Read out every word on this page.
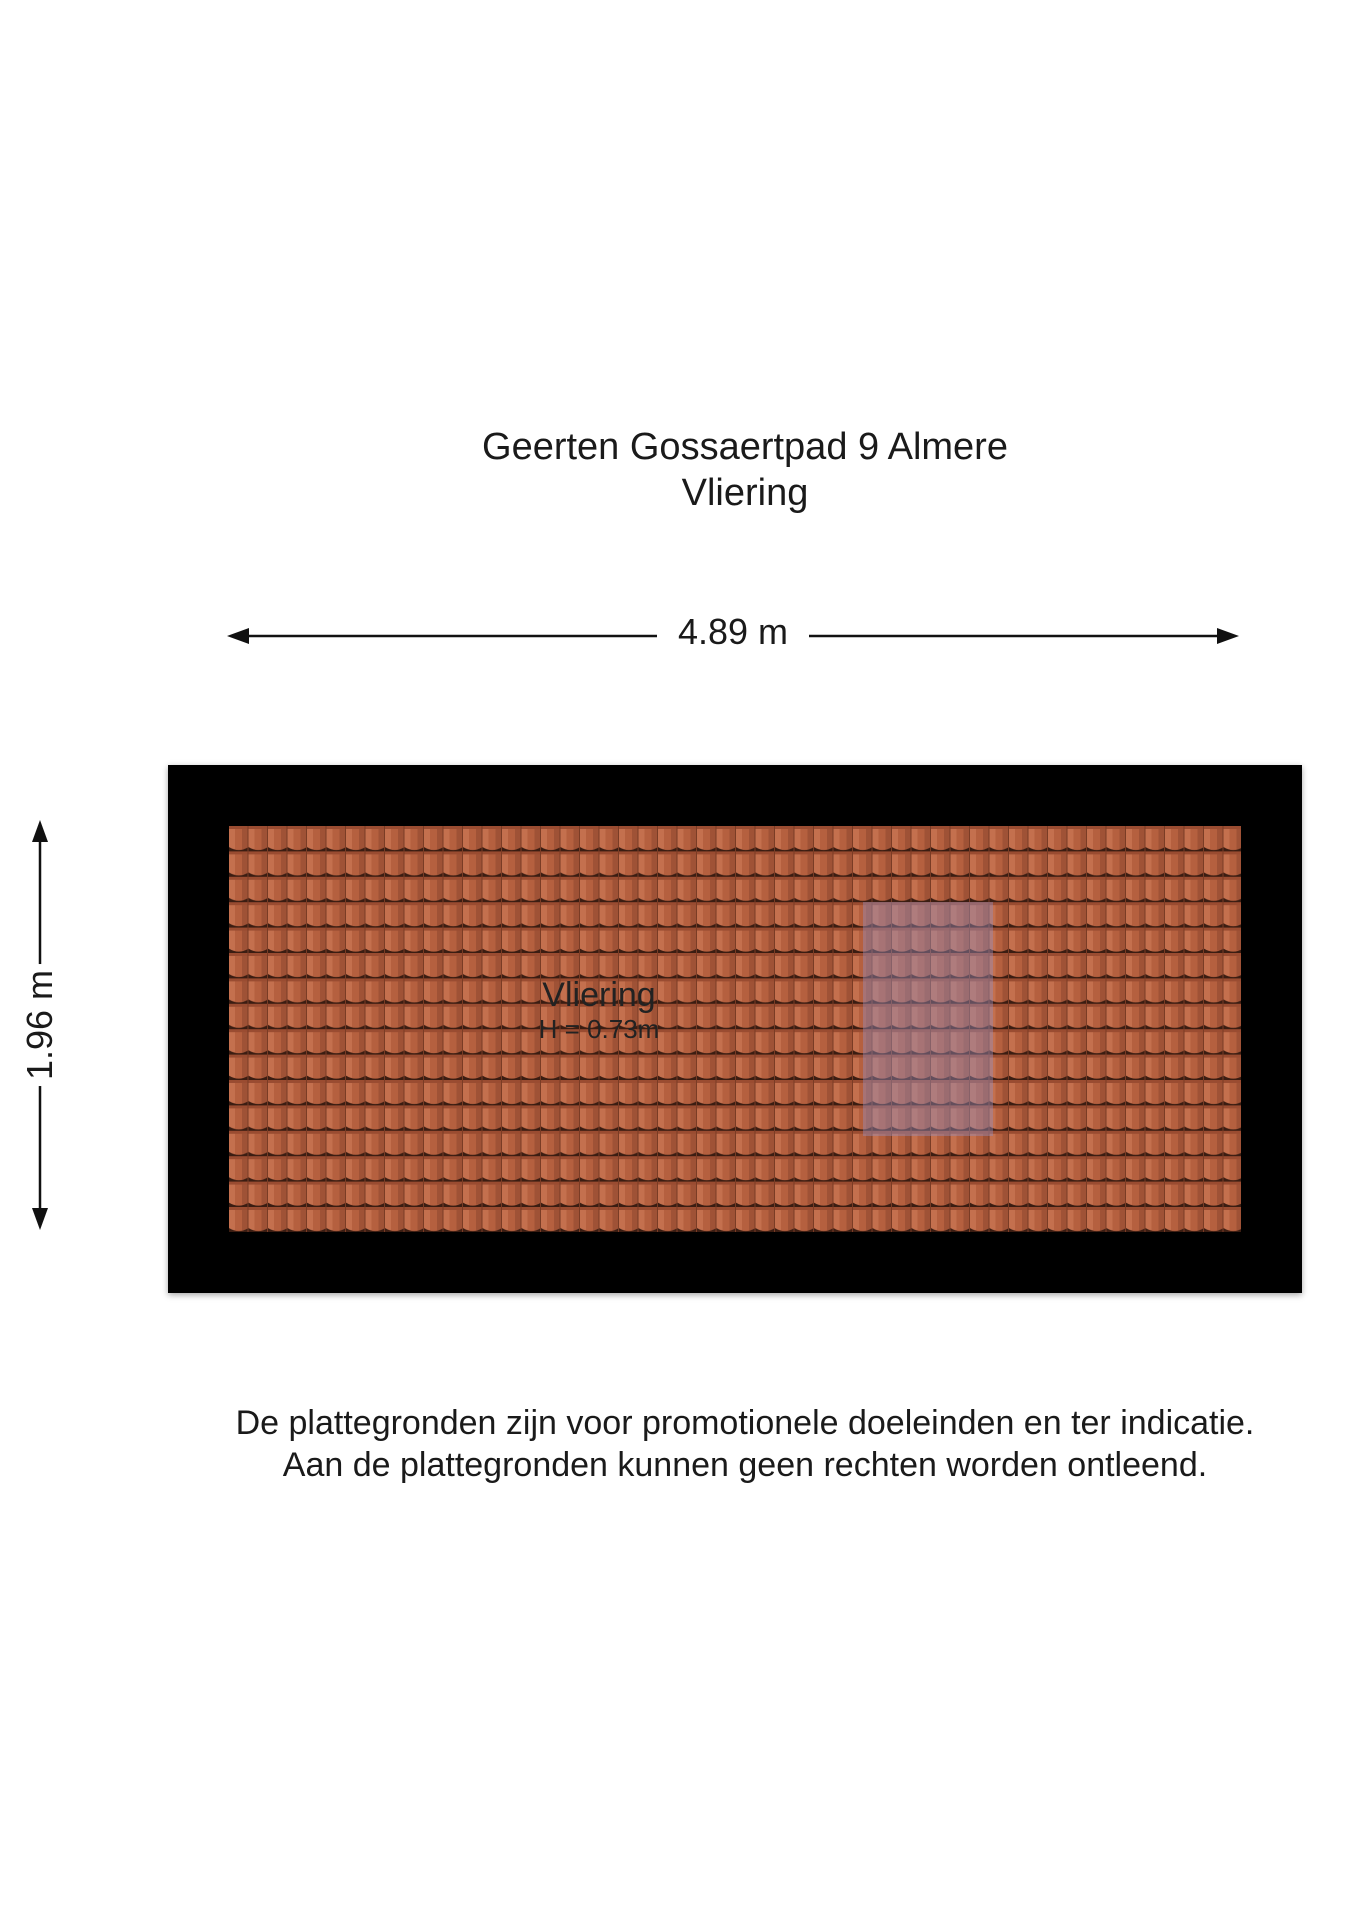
Geerten Gossaertpad 9 Almere
Vliering
4.89 m
1.96 m	Vliering
H = 0.73m
De plattegronden zijn voor promotionele doeleinden en ter indicatie.
Aan de plattegronden kunnen geen rechten worden ontleend.
